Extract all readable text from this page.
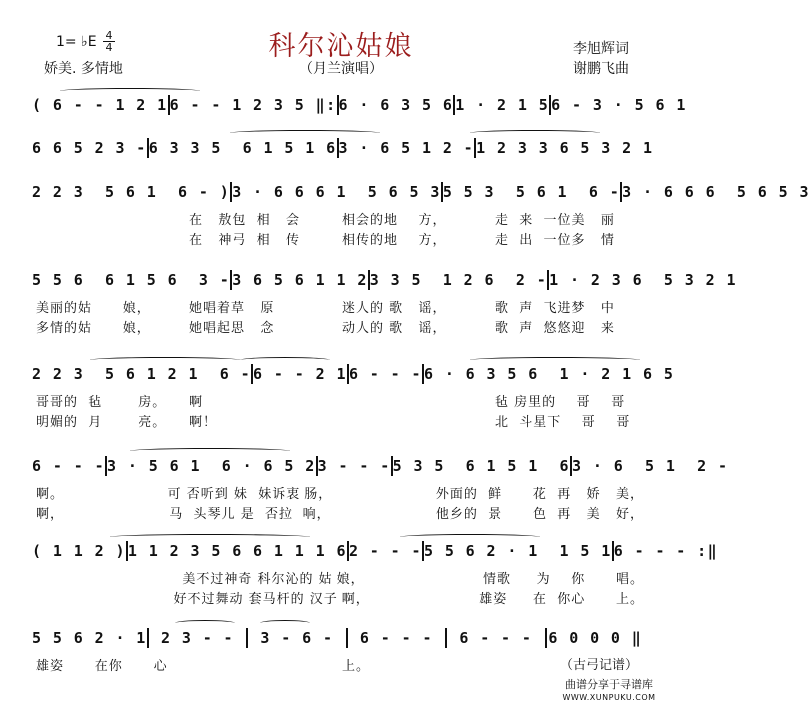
科尔沁姑娘
1= ♭E $\frac{4}{4}$
娇美. 多情地	（月兰演唱）
李旭辉词
谢鹏飞曲
( 6 - - 1 2 1 6 - - 1 2 3 5 ‖: 6 · 6 3 5 6 1 · 2 1 5 6 - 3 · 5 6 1
6 6 5 2 3 - 6 3 3 5  6 1 5 1 6 3 · 6 5 1 2 - 1 2 3 3 6 5 3 2 1
2 2 3  5 6 1  6 - ) 3 · 6 6 6 1  5 6 5 3 5 5 3  5 6 1  6 - 3 · 6 6 6  5 6 5 3
5 5 6  6 1 5 6  3 - 3 6 5 6 1 1 2 3 3 5  1 2 6  2 - 1 · 2 3 6  5 3 2 1
2 2 3  5 6 1 2 1  6 - 6 - - 2 1 6 - - - 6 · 6 3 5 6  1 · 2 1 6 5
6 - - - 3 · 5 6 1  6 · 6 5 2 3 - - - 5 3 5  6 1 5 1  6 3 · 6  5 1  2 -
( 1 1 2 ) 1 1 2 3 5 6 6 1 1 1 6 2 - - - 5 5 6 2 · 1  1 5 1 6 - - - :‖
5 5 6 2 · 1 2 3 - -	3 - 6 -	6 - - -	6 - - -	6 0 0 0 ‖
在   敖包  相   会	相会的地    方，	走  来  一位美   丽
在   神弓  相   传	相传的地    方，	走  出  一位多   情
美丽的姑      娘，	她唱着草   原	迷人的 歌   谣，	歌  声  飞进梦   中
多情的姑      娘，	她唱起思   念	动人的 歌   谣，	歌  声  悠悠迎   来
哥哥的  毡       房。	啊	毡 房里的    哥    哥
明媚的  月       亮。	啊！	北  斗星下    哥    哥
啊。	可 否听到 妹  妹诉衷 肠，	外面的  鲜      花  再   娇   美，
啊，	马  头琴儿 是  否拉 响，	他乡的  景      色  再   美   好，
美不过神奇 科尔沁的 姑 娘，	情歌     为    你      唱。
好不过舞动 套马杆的 汉子 啊，	雄姿     在  你心      上。
雄姿      在你      心	上。	（古弓记谱）
曲谱分享于寻谱库
WWW.XUNPUKU.COM
